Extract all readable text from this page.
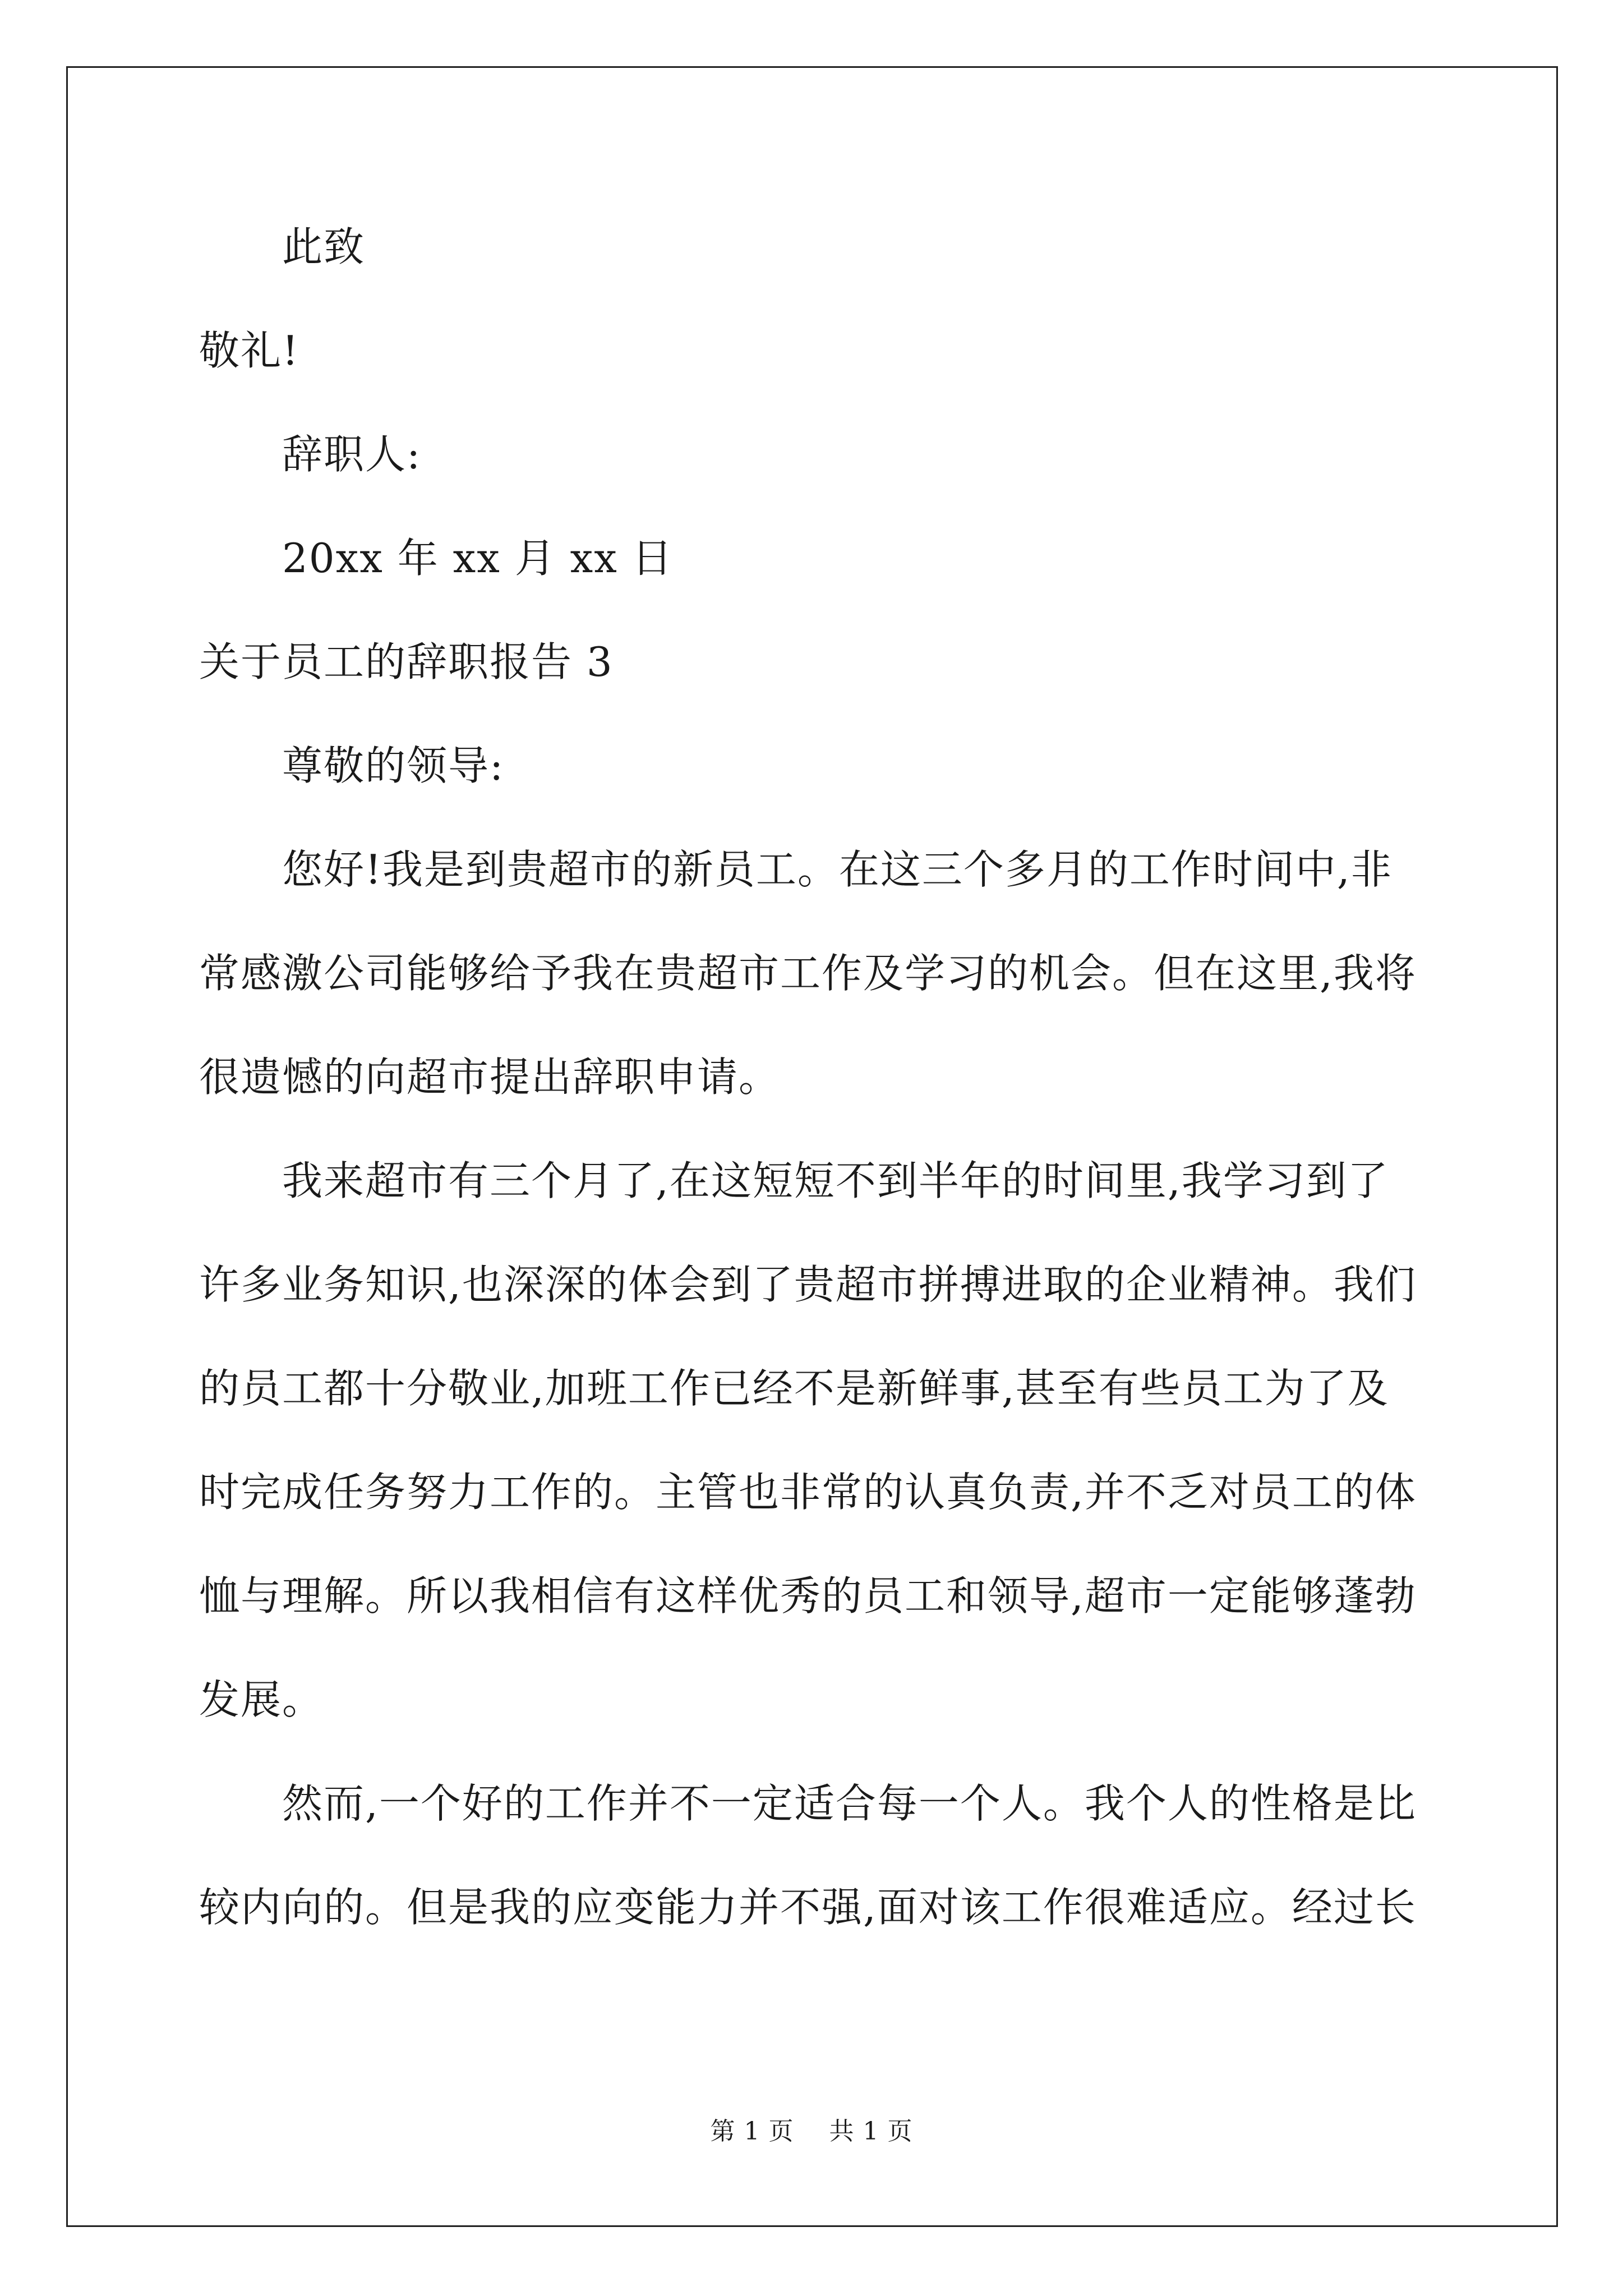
此致
敬礼!
辞职人:
20xx 年 xx 月 xx 日
关于员工的辞职报告 3
尊敬的领导:
您好!我是到贵超市的新员工。在这三个多月的工作时间中,非
常感激公司能够给予我在贵超市工作及学习的机会。但在这里,我将
很遗憾的向超市提出辞职申请。
我来超市有三个月了,在这短短不到半年的时间里,我学习到了
许多业务知识,也深深的体会到了贵超市拼搏进取的企业精神。我们
的员工都十分敬业,加班工作已经不是新鲜事,甚至有些员工为了及
时完成任务努力工作的。主管也非常的认真负责,并不乏对员工的体
恤与理解。所以我相信有这样优秀的员工和领导,超市一定能够蓬勃
发展。
然而,一个好的工作并不一定适合每一个人。我个人的性格是比
较内向的。但是我的应变能力并不强,面对该工作很难适应。经过长
第 1 页 共 1 页
